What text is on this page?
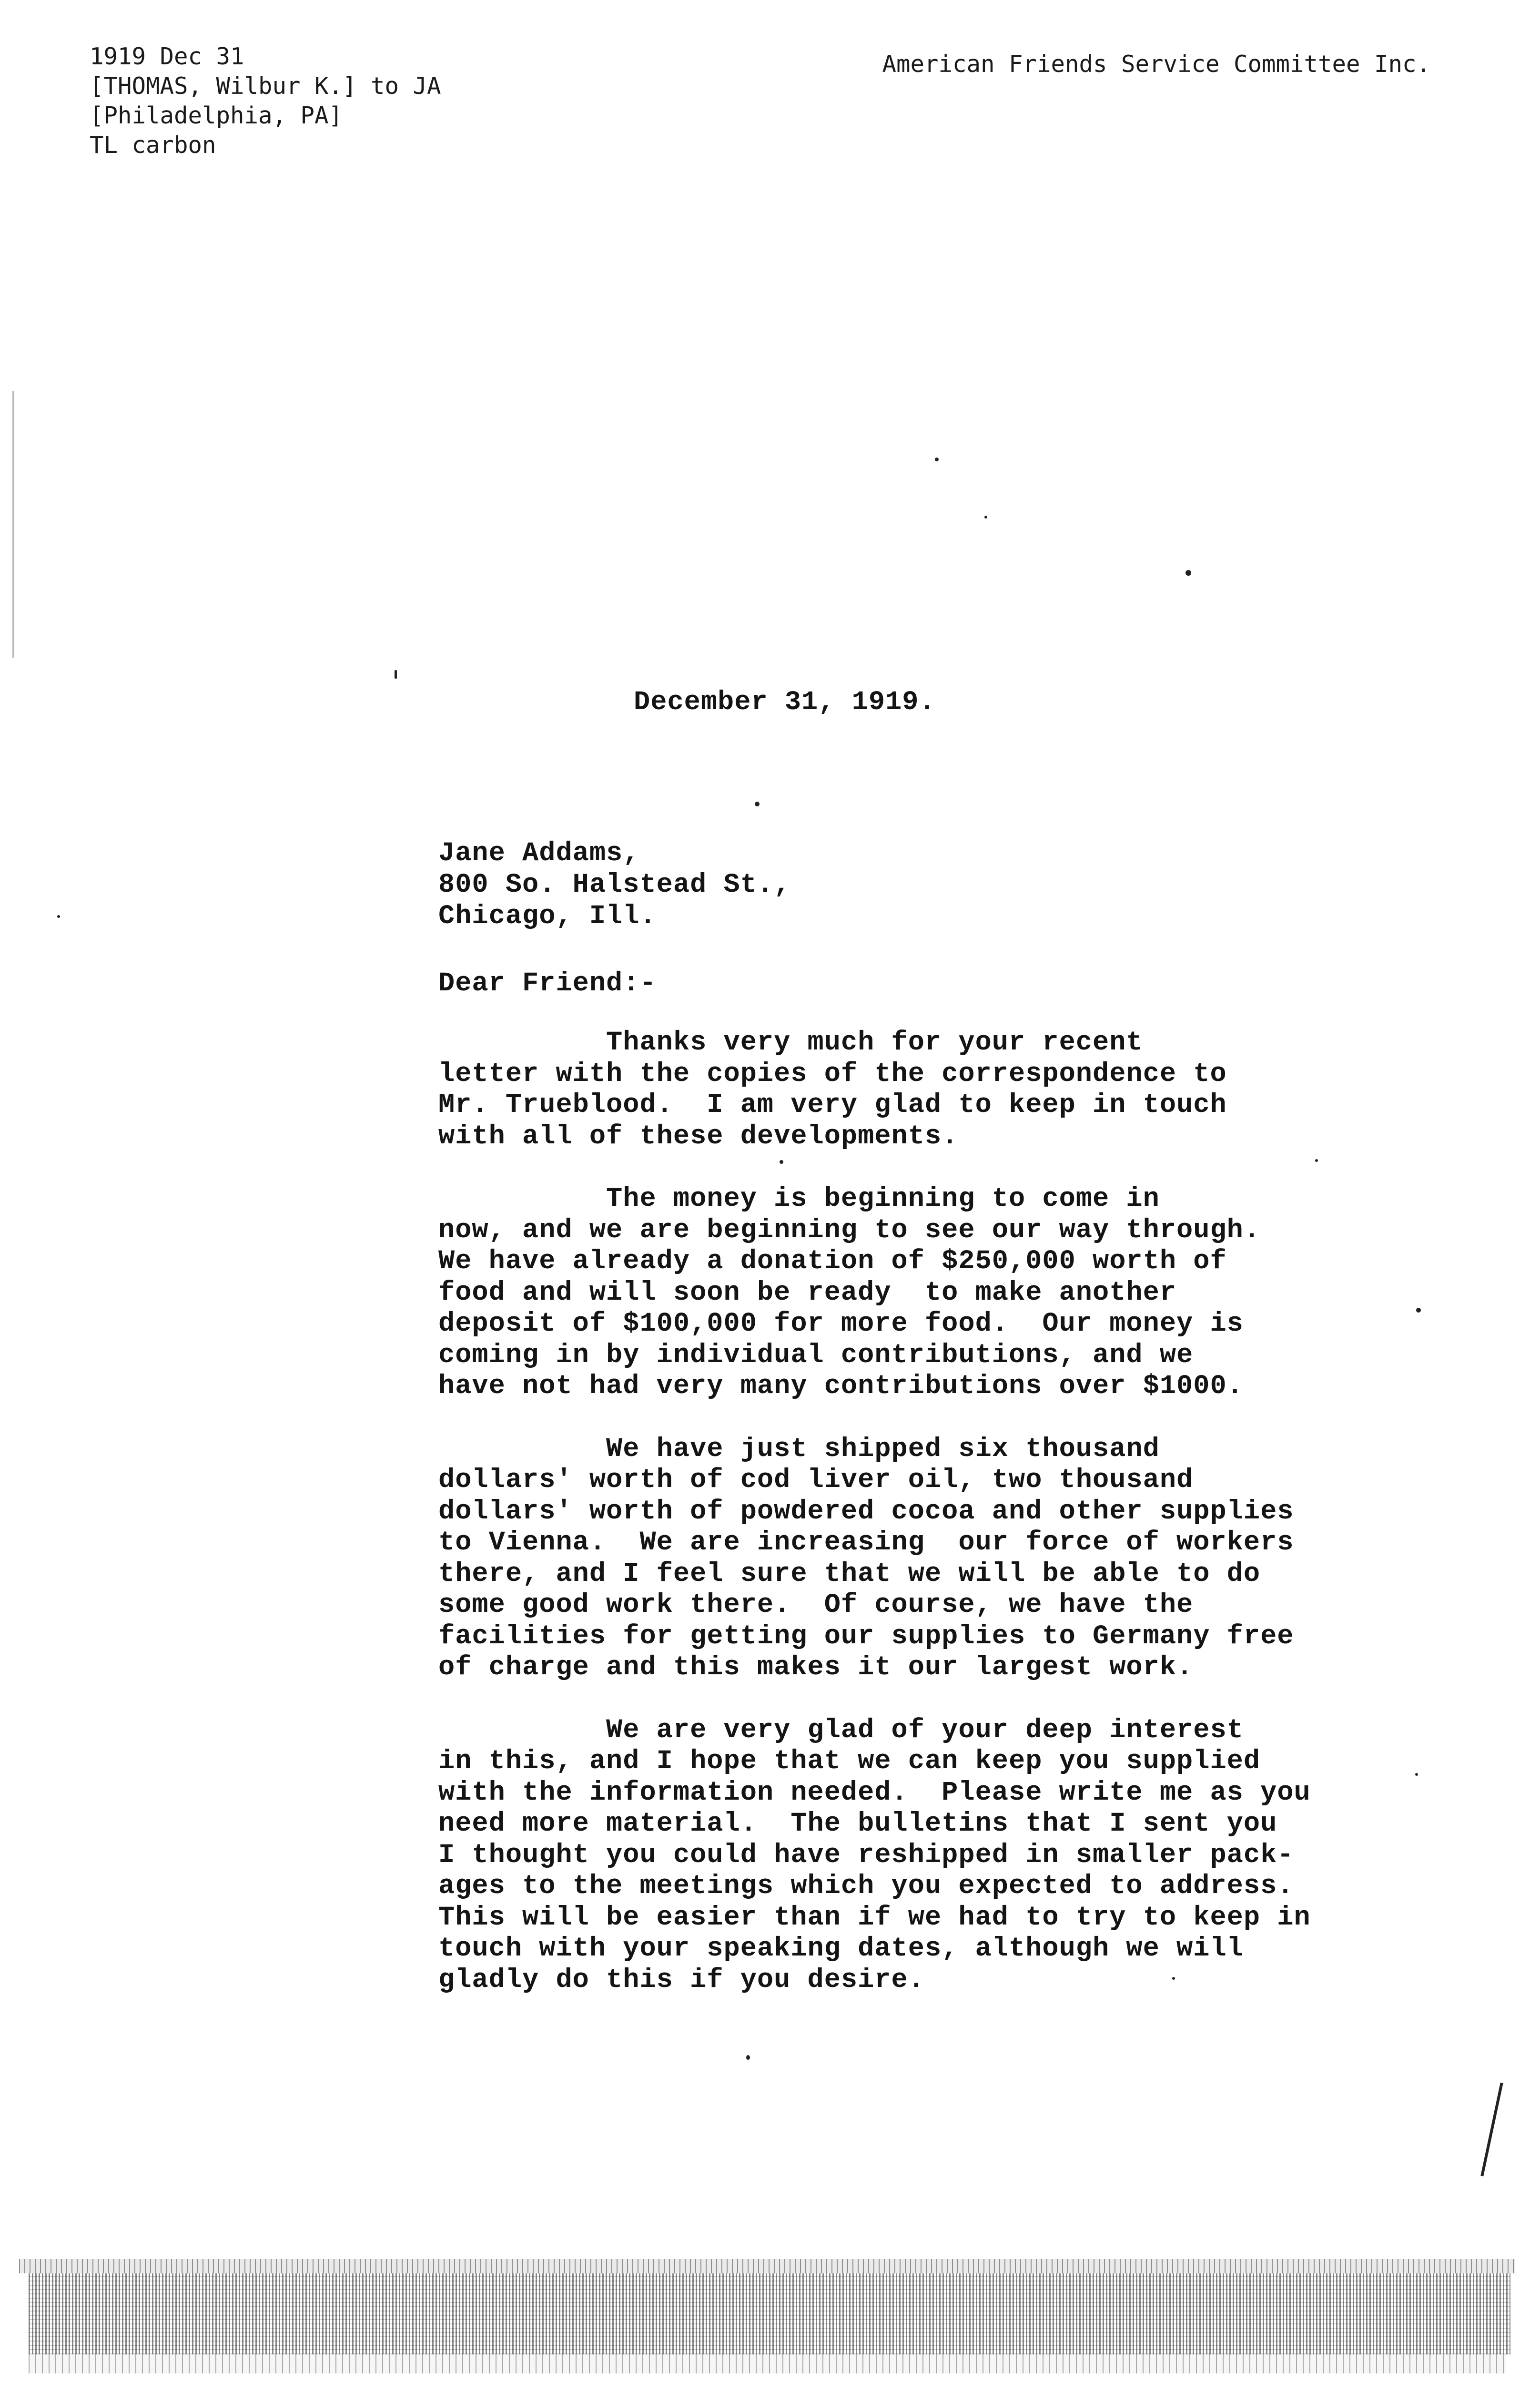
1919 Dec 31
[THOMAS, Wilbur K.] to JA
[Philadelphia, PA]
TL carbon
American Friends Service Committee Inc.
December 31, 1919.
Jane Addams,
800 So. Halstead St.,
Chicago, Ill.
Dear Friend:-
Thanks very much for your recent
letter with the copies of the correspondence to
Mr. Trueblood.  I am very glad to keep in touch
with all of these developments.
The money is beginning to come in
now, and we are beginning to see our way through.
We have already a donation of $250,000 worth of
food and will soon be ready  to make another
deposit of $100,000 for more food.  Our money is
coming in by individual contributions, and we
have not had very many contributions over $1000.
We have just shipped six thousand
dollars' worth of cod liver oil, two thousand
dollars' worth of powdered cocoa and other supplies
to Vienna.  We are increasing  our force of workers
there, and I feel sure that we will be able to do
some good work there.  Of course, we have the
facilities for getting our supplies to Germany free
of charge and this makes it our largest work.
We are very glad of your deep interest
in this, and I hope that we can keep you supplied
with the information needed.  Please write me as you
need more material.  The bulletins that I sent you
I thought you could have reshipped in smaller pack-
ages to the meetings which you expected to address.
This will be easier than if we had to try to keep in
touch with your speaking dates, although we will
gladly do this if you desire.
